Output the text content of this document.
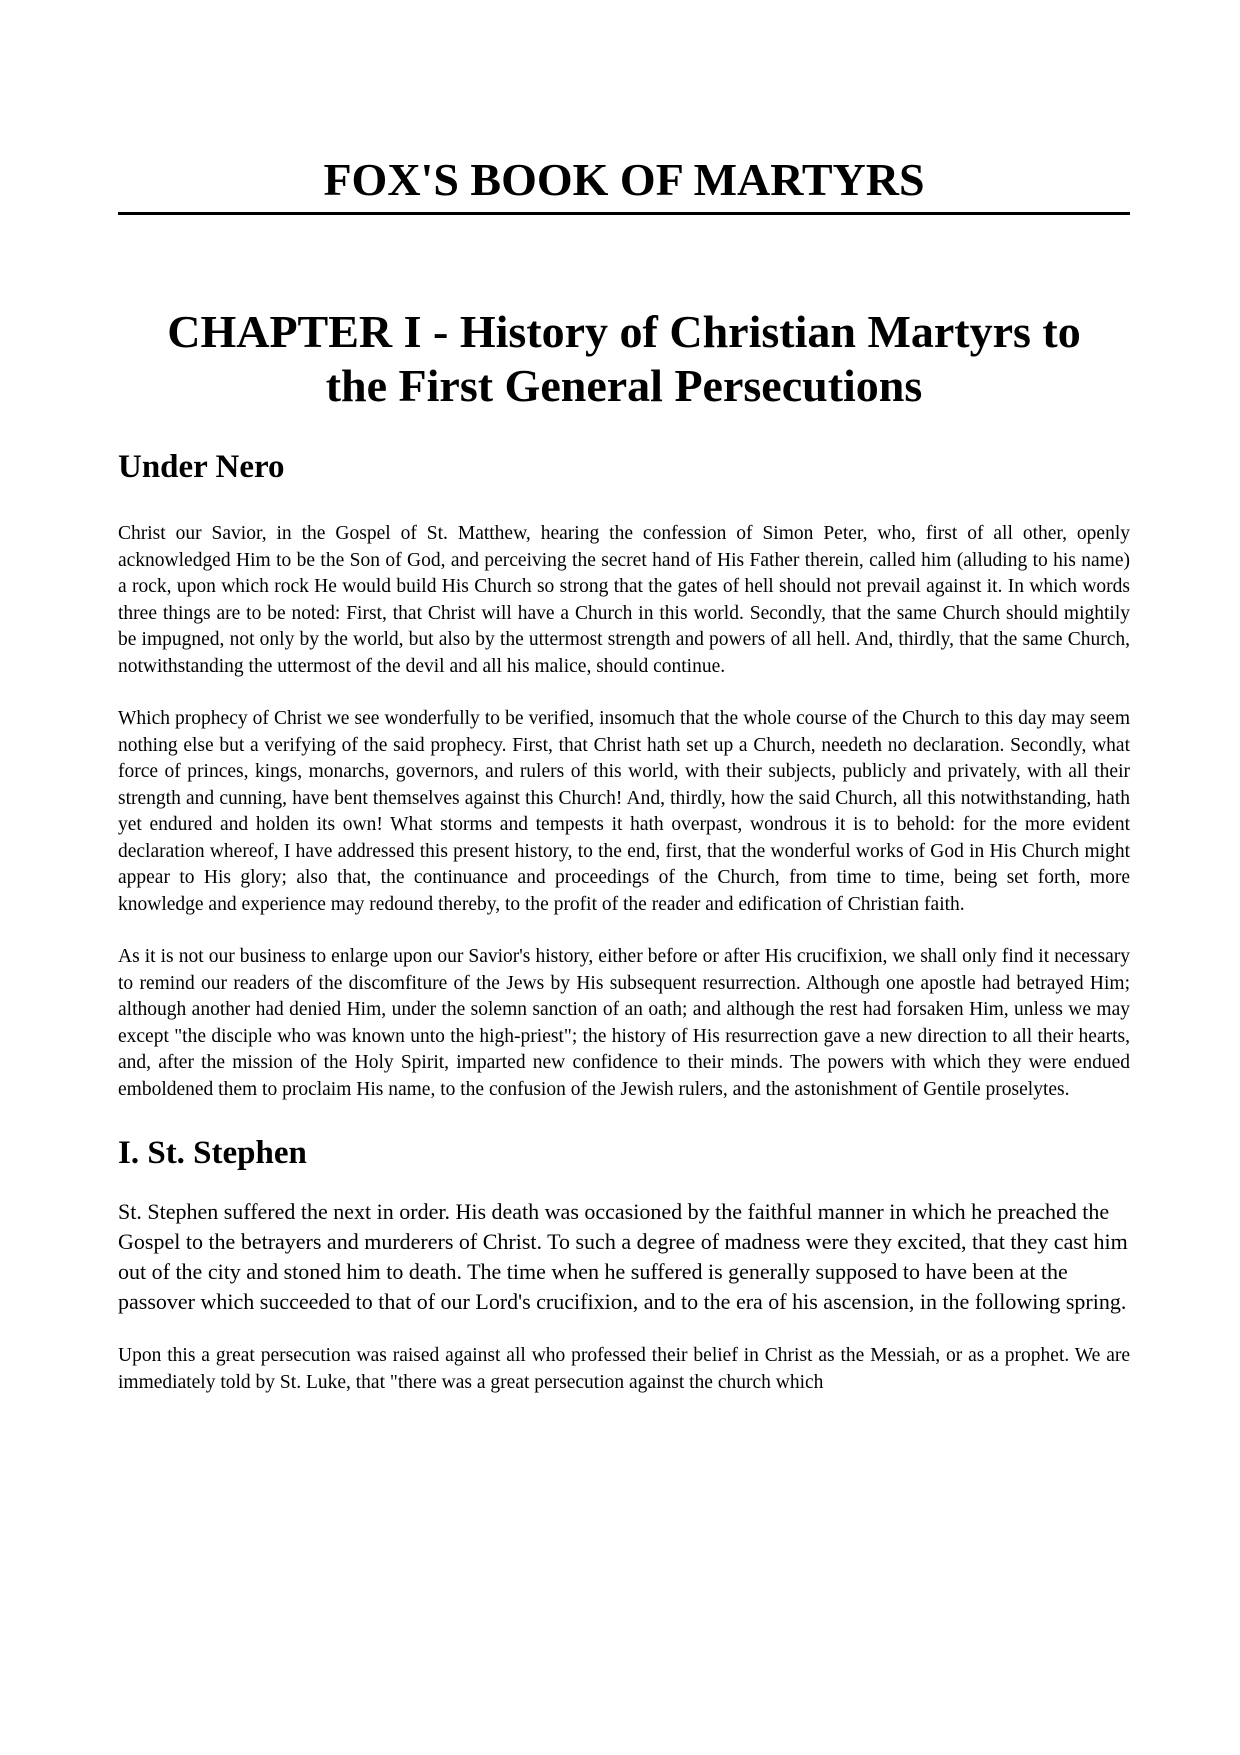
FOX'S BOOK OF MARTYRS
CHAPTER I - History of Christian Martyrs to
the First General Persecutions
Under Nero

Christ our Savior, in the Gospel of St. Matthew, hearing the confession of Simon Peter, who, first of all other, openly acknowledged Him to be the Son of God, and perceiving the secret hand of His Father therein, called him (alluding to his name) a rock, upon which rock He would build His Church so strong that the gates of hell should not prevail against it. In which words three things are to be noted: First, that Christ will have a Church in this world. Secondly, that the same Church should mightily be impugned, not only by the world, but also by the uttermost strength and powers of all hell. And, thirdly, that the same Church, notwithstanding the uttermost of the devil and all his malice, should continue.

Which prophecy of Christ we see wonderfully to be verified, insomuch that the whole course of the Church to this day may seem nothing else but a verifying of the said prophecy. First, that Christ hath set up a Church, needeth no declaration. Secondly, what force of princes, kings, monarchs, governors, and rulers of this world, with their subjects, publicly and privately, with all their strength and cunning, have bent themselves against this Church! And, thirdly, how the said Church, all this notwithstanding, hath yet endured and holden its own! What storms and tempests it hath overpast, wondrous it is to behold: for the more evident declaration whereof, I have addressed this present history, to the end, first, that the wonderful works of God in His Church might appear to His glory; also that, the continuance and proceedings of the Church, from time to time, being set forth, more knowledge and experience may redound thereby, to the profit of the reader and edification of Christian faith.

As it is not our business to enlarge upon our Savior's history, either before or after His crucifixion, we shall only find it necessary to remind our readers of the discomfiture of the Jews by His subsequent resurrection. Although one apostle had betrayed Him; although another had denied Him, under the solemn sanction of an oath; and although the rest had forsaken Him, unless we may except "the disciple who was known unto the high-priest"; the history of His resurrection gave a new direction to all their hearts, and, after the mission of the Holy Spirit, imparted new confidence to their minds. The powers with which they were endued emboldened them to proclaim His name, to the confusion of the Jewish rulers, and the astonishment of Gentile proselytes.

I. St. Stephen

St. Stephen suffered the next in order. His death was occasioned by the faithful manner in which he preached the Gospel to the betrayers and murderers of Christ. To such a degree of madness were they excited, that they cast him out of the city and stoned him to death. The time when he suffered is generally supposed to have been at the passover which succeeded to that of our Lord's crucifixion, and to the era of his ascension, in the following spring.

Upon this a great persecution was raised against all who professed their belief in Christ as the Messiah, or as a prophet. We are immediately told by St. Luke, that "there was a great persecution against the church which
